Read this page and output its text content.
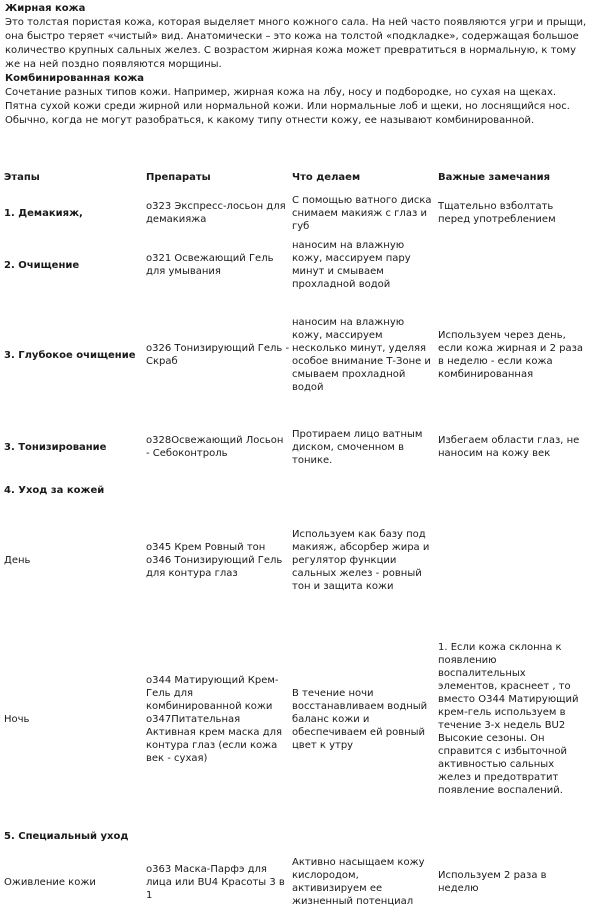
Жирная кожа

Это толстая пористая кожа, которая выделяет много кожного сала. На ней часто появляются угри и прыщи, она быстро теряет «чистый» вид. Анатомически – это кожа на толстой «подкладке», содержащая большое количество крупных сальных желез. С возрастом жирная кожа может превратиться в нормальную, к тому же на ней поздно появляются морщины.

Комбинированная кожа

Сочетание разных типов кожи. Например, жирная кожа на лбу, носу и подбородке, но сухая на щеках. Пятна сухой кожи среди жирной или нормальной кожи. Или нормальные лоб и щеки, но лоснящийся нос. Обычно, когда не могут разобраться, к какому типу отнести кожу, ее называют комбинированной.

Этапы	Препараты	Что делаем	Важные замечания
1. Демакияж,	о323 Экспресс-лосьон для демакияжа	С помощью ватного диска снимаем макияж с глаз и губ	Тщательно взболтать перед употреблением
2. Очищение	о321 Освежающий Гель для умывания	наносим на влажную кожу, массируем пару минут и смываем прохладной водой	
3. Глубокое очищение	о326 Тонизирующий Гель - Скраб	наносим на влажную кожу, массируем несколько минут, уделяя особое внимание Т-Зоне и смываем прохладной водой	Используем через день, если кожа жирная и 2 раза в неделю - если кожа комбинированная
3. Тонизирование	о328Освежающий Лосьон - Себоконтроль	Протираем лицо ватным диском, смоченном в тонике.	Избегаем области глаз, не наносим на кожу век
4. Уход за кожей			
День	о345 Крем Ровный тон о346 Тонизирующий Гель для контура глаз	Используем как базу под макияж, абсорбер жира и регулятор функции сальных желез - ровный тон и защита кожи	
Ночь	о344 Матирующий Крем-Гель для комбинированной кожи о347Питательная Активная крем маска для контура глаз (если кожа век - сухая)	В течение ночи восстанавливаем водный баланс кожи и обеспечиваем ей ровный цвет к утру	1. Если кожа склонна к появлению воспалительных элементов, краснеет , то вместо О344 Матирующий крем-гель используем в течение 3-х недель BU2 Высокие сезоны. Он справится с избыточной активностью сальных желез и предотвратит появление воспалений.
5. Специальный уход			
Оживление кожи	о363 Маска-Парфэ для лица или BU4 Красоты 3 в 1	Активно насыщаем кожу кислородом, активизируем ее жизненный потенциал	Используем 2 раза в неделю
